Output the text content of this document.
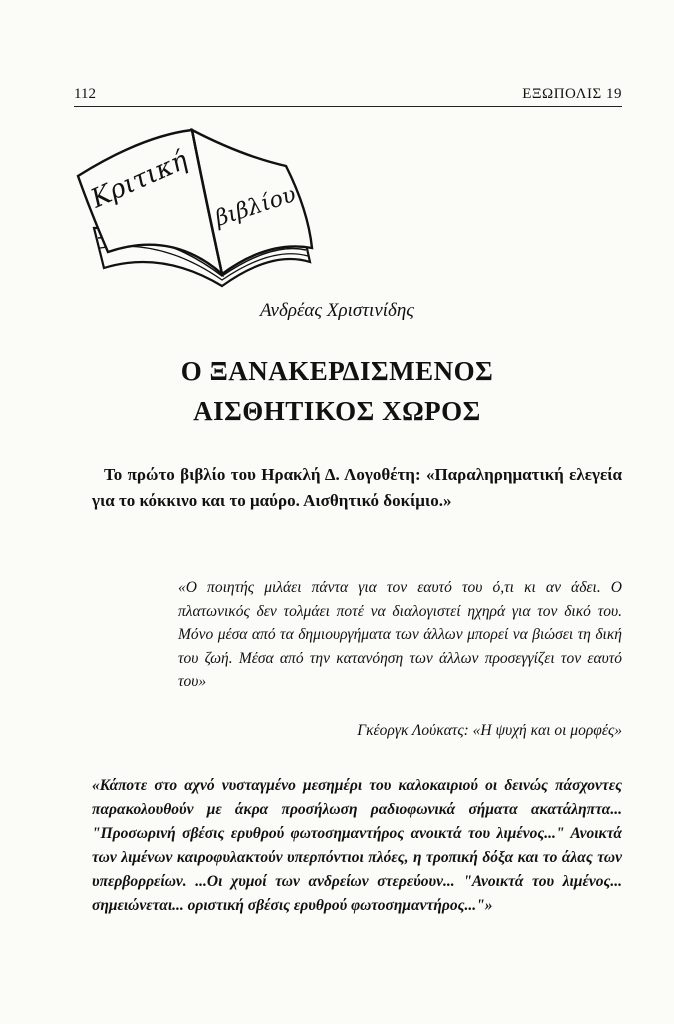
112	ΕΞΩΠΟΛΙΣ 19
Κριτική βιβλίου
Ανδρέας Χριστινίδης
Ο ΞΑΝΑΚΕΡΔΙΣΜΕΝΟΣ
ΑΙΣΘΗΤΙΚΟΣ ΧΩΡΟΣ
Το πρώτο βιβλίο του Ηρακλή Δ. Λογοθέτη: «Παραληρηματική ελεγεία για το κόκκινο και το μαύρο. Αισθητικό δοκίμιο.»
«Ο ποιητής μιλάει πάντα για τον εαυτό του ό,τι κι αν άδει. Ο πλατωνικός δεν τολμάει ποτέ να διαλογιστεί ηχηρά για τον δικό του. Μόνο μέσα από τα δημιουργήματα των άλλων μπορεί να βιώσει τη δική του ζωή. Μέσα από την κατανόηση των άλλων προσεγγίζει τον εαυτό του»
Γκέοργκ Λούκατς: «Η ψυχή και οι μορφές»
«Κάποτε στο αχνό νυσταγμένο μεσημέρι του καλοκαιριού οι δεινώς πάσχοντες παρακολουθούν με άκρα προσήλωση ραδιοφωνικά σήματα ακατάληπτα... "Προσωρινή σβέσις ερυθρού φωτοσημαντήρος ανοικτά του λιμένος..." Ανοικτά των λιμένων καιροφυλακτούν υπερπόντιοι πλόες, η τροπική δόξα και το άλας των υπερβορρείων. ...Οι χυμοί των ανδρείων στερεύουν... "Ανοικτά του λιμένος... σημειώνεται... οριστική σβέσις ερυθρού φωτοσημαντήρος..."»
